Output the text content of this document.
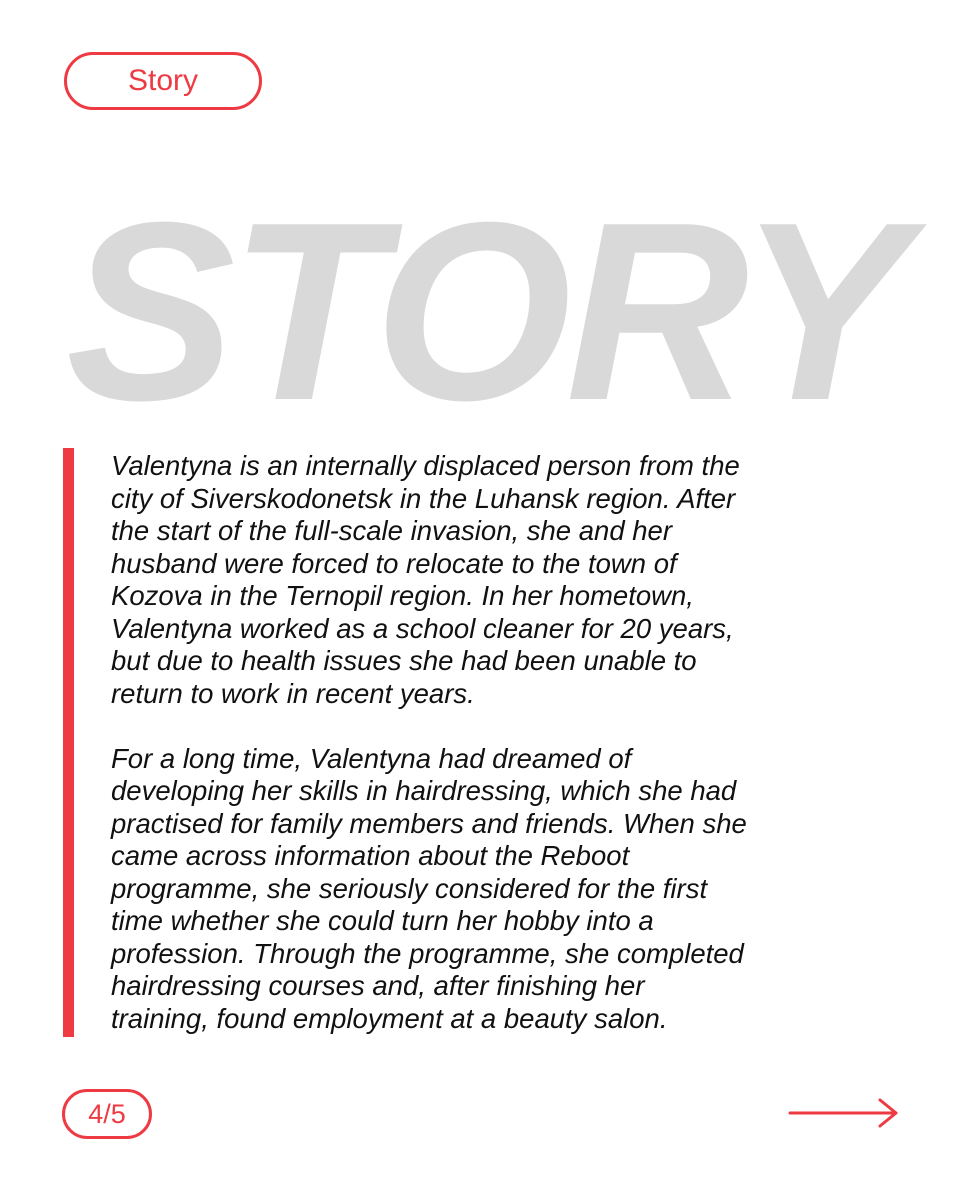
Story
STORY

Valentyna is an internally displaced person from the
city of Siverskodonetsk in the Luhansk region. After
the start of the full-scale invasion, she and her
husband were forced to relocate to the town of
Kozova in the Ternopil region. In her hometown,
Valentyna worked as a school cleaner for 20 years,
but due to health issues she had been unable to
return to work in recent years.

For a long time, Valentyna had dreamed of
developing her skills in hairdressing, which she had
practised for family members and friends. When she
came across information about the Reboot
programme, she seriously considered for the first
time whether she could turn her hobby into a
profession. Through the programme, she completed
hairdressing courses and, after finishing her
training, found employment at a beauty salon.

4/5
